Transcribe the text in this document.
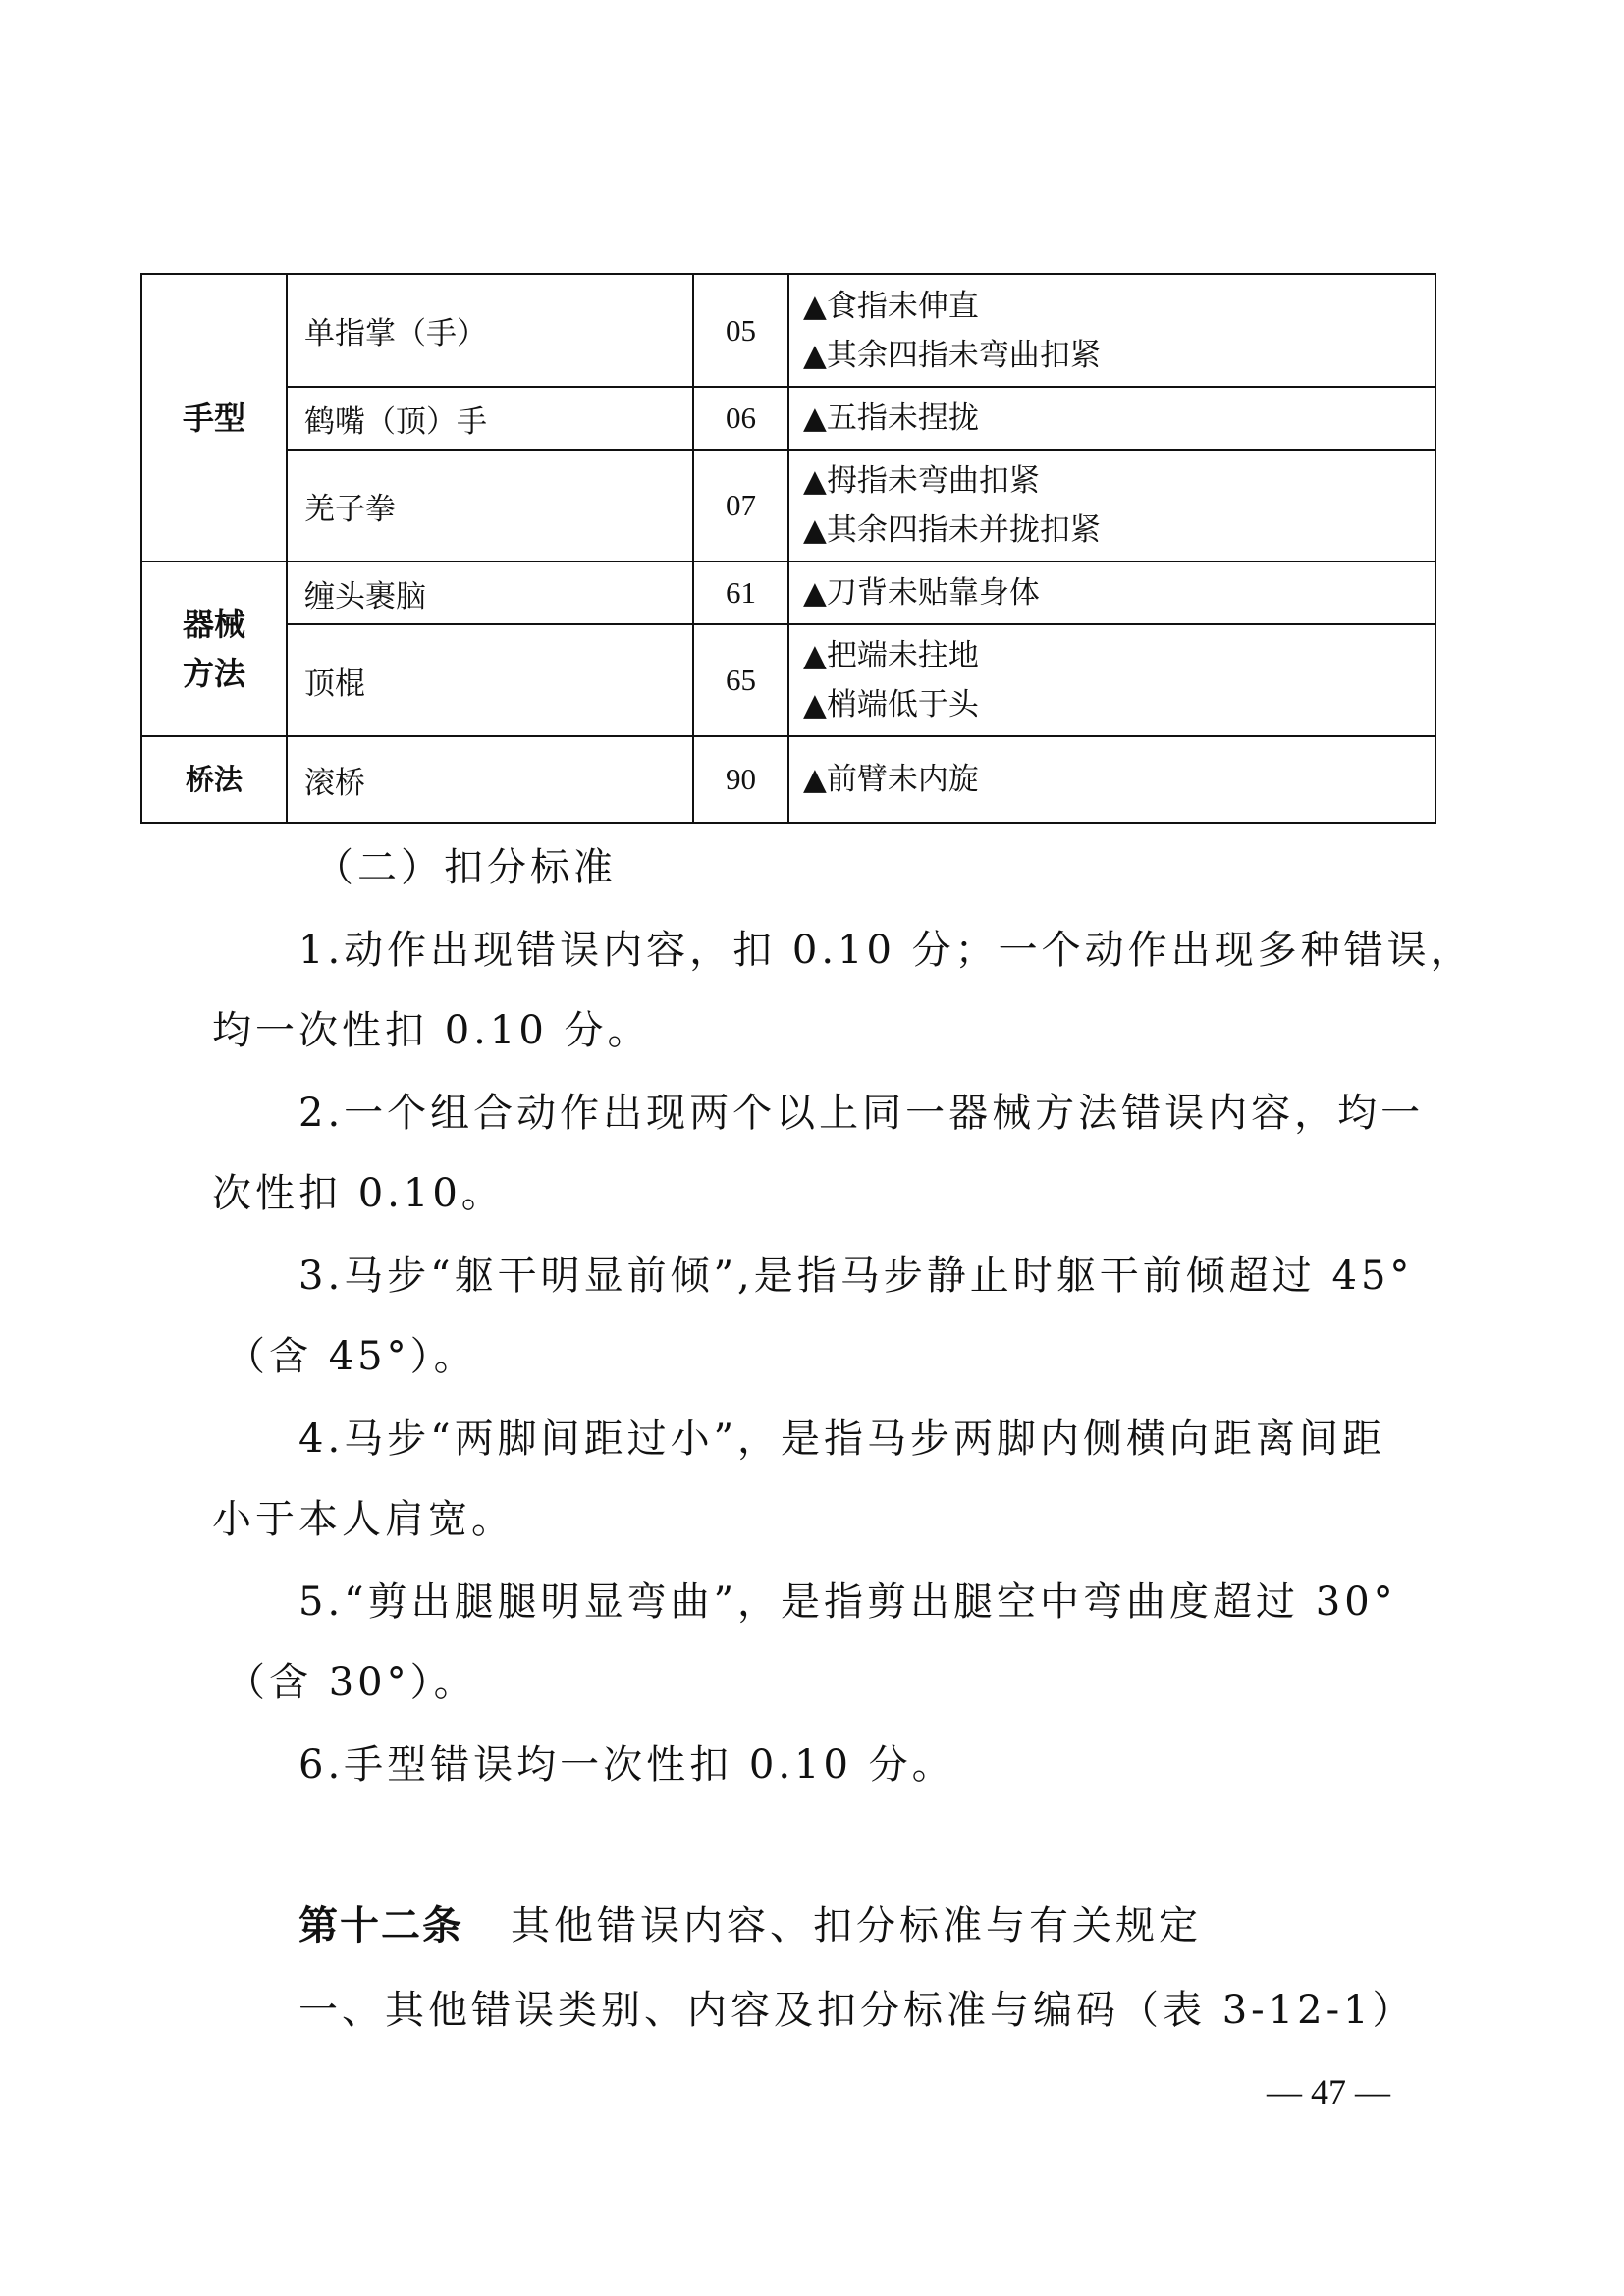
手型	单指掌（手）	05	▲食指未伸直
▲其余四指未弯曲扣紧

	鹤嘴（顶）手	06	▲五指未捏拢

	羌子拳	07	▲拇指未弯曲扣紧
▲其余四指未并拢扣紧

器械
方法	缠头裹脑	61	▲刀背未贴靠身体

	顶棍	65	▲把端未拄地
▲梢端低于头

桥法	滚桥	90	▲前臂未内旋

（二）扣分标准

1.动作出现错误内容，扣 0.10 分；一个动作出现多种错误，

均一次性扣 0.10 分。

2.一个组合动作出现两个以上同一器械方法错误内容，均一

次性扣 0.10。

3.马步“躯干明显前倾”,是指马步静止时躯干前倾超过 45°

（含 45°）。

4.马步“两脚间距过小”，是指马步两脚内侧横向距离间距

小于本人肩宽。

5.“剪出腿腿明显弯曲”，是指剪出腿空中弯曲度超过 30°

（含 30°）。

6.手型错误均一次性扣 0.10 分。

第十二条 其他错误内容、扣分标准与有关规定

一、其他错误类别、内容及扣分标准与编码（表 3-12-1）

— 47 —
